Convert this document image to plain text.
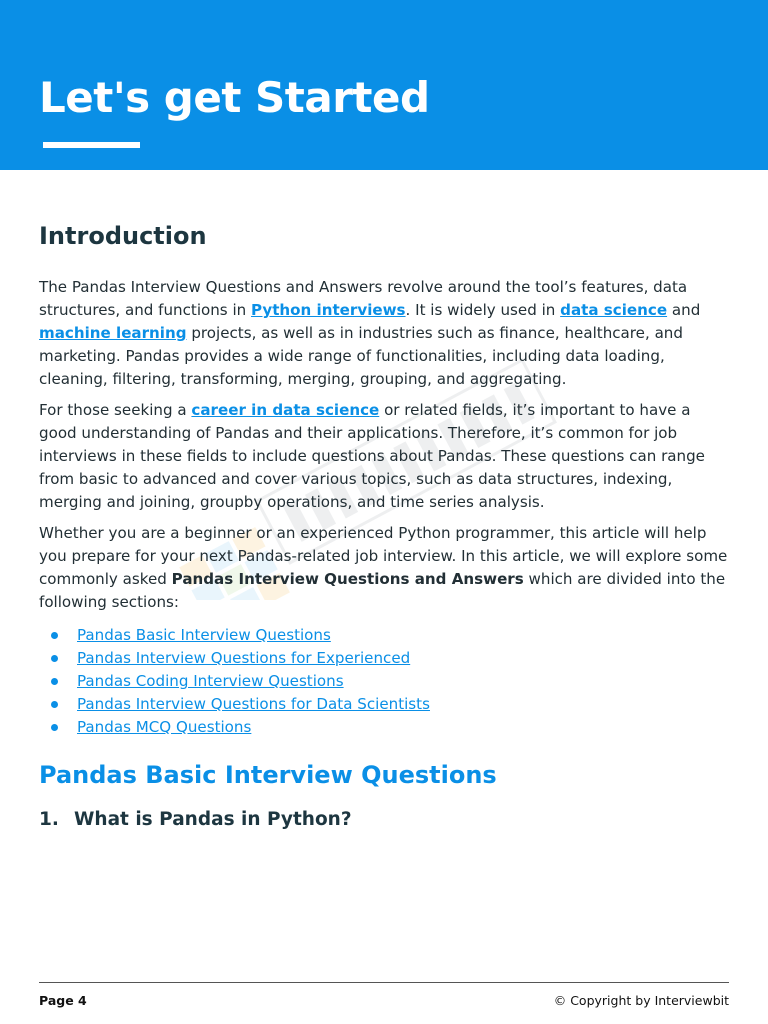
Let's get Started
Introduction

The Pandas Interview Questions and Answers revolve around the tool’s features, data structures, and functions in Python interviews. It is widely used in data science and machine learning projects, as well as in industries such as finance, healthcare, and marketing. Pandas provides a wide range of functionalities, including data loading, cleaning, filtering, transforming, merging, grouping, and aggregating.

For those seeking a career in data science or related fields, it’s important to have a good understanding of Pandas and their applications. Therefore, it’s common for job interviews in these fields to include questions about Pandas. These questions can range from basic to advanced and cover various topics, such as data structures, indexing, merging and joining, groupby operations, and time series analysis.

Whether you are a beginner or an experienced Python programmer, this article will help you prepare for your next Pandas-related job interview. In this article, we will explore some commonly asked Pandas Interview Questions and Answers which are divided into the following sections:

Pandas Basic Interview Questions
Pandas Interview Questions for Experienced
Pandas Coding Interview Questions
Pandas Interview Questions for Data Scientists
Pandas MCQ Questions
Pandas Basic Interview Questions
1. What is Pandas in Python?
Page 4	© Copyright by Interviewbit
